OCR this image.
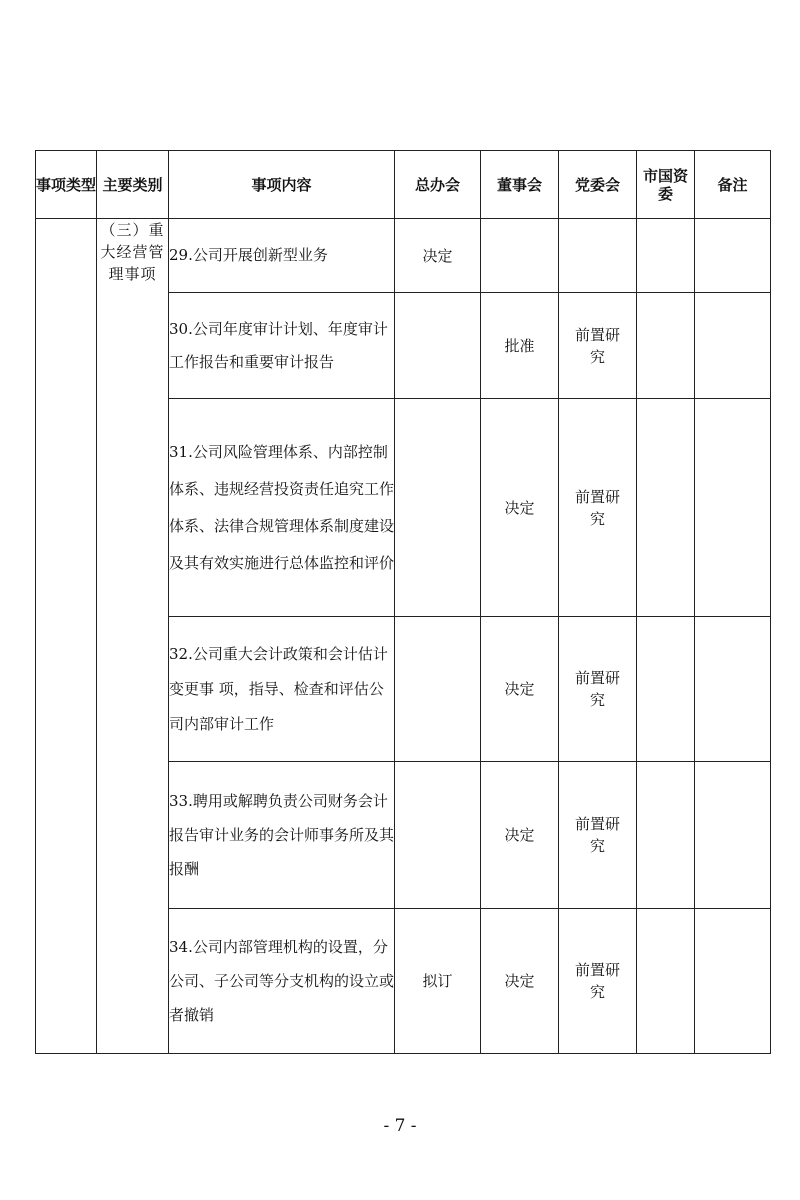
事项类型	主要类别	事项内容	总办会	董事会	党委会	市国资委	备注
	（三）重大经营管理事项	29.公司开展创新型业务	决定				
		30.公司年度审计计划、年度审计工作报告和重要审计报告		批准	前置研究		
		31.公司风险管理体系、内部控制体系、违规经营投资责任追究工作体系、法律合规管理体系制度建设及其有效实施进行总体监控和评价		决定	前置研究		
		32.公司重大会计政策和会计估计变更事 项，指导、检查和评估公司内部审计工作		决定	前置研究		
		33.聘用或解聘负责公司财务会计报告审计业务的会计师事务所及其报酬		决定	前置研究		
		34.公司内部管理机构的设置，分公司、子公司等分支机构的设立或者撤销	拟订	决定	前置研究		
- 7 -
